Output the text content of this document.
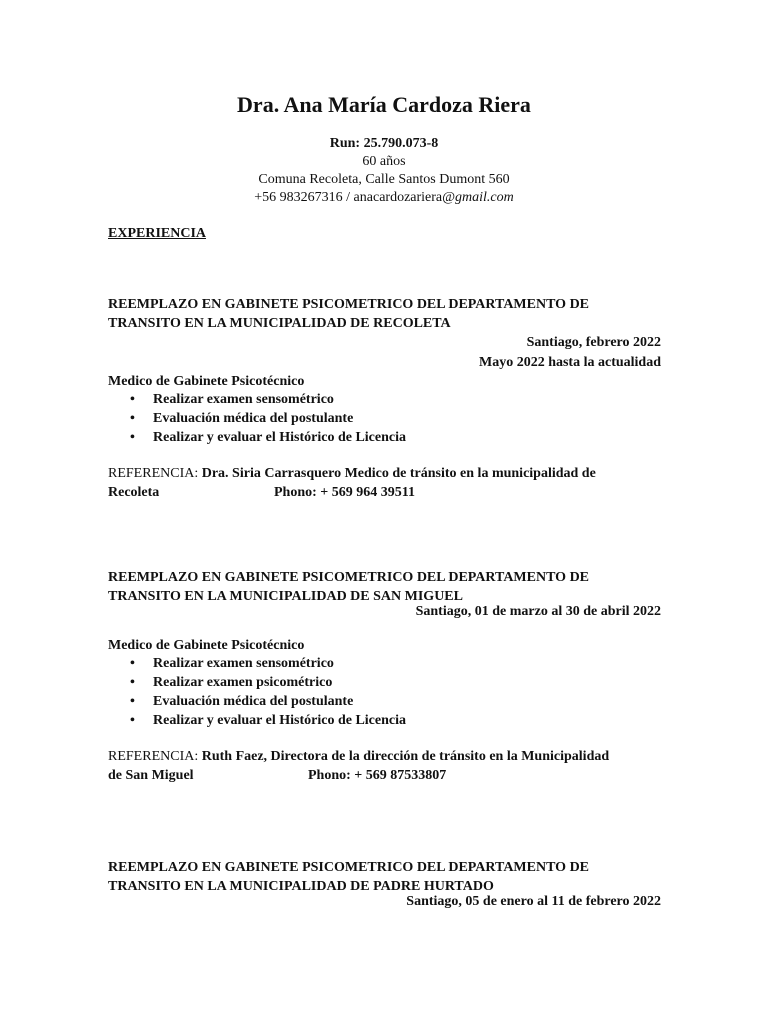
Dra. Ana María Cardoza Riera
Run: 25.790.073-8
60 años
Comuna Recoleta, Calle Santos Dumont 560
+56 983267316 / anacardozariera@gmail.com
EXPERIENCIA
REEMPLAZO EN GABINETE PSICOMETRICO DEL DEPARTAMENTO DE
TRANSITO EN LA MUNICIPALIDAD DE RECOLETA
Santiago, febrero 2022
Mayo 2022 hasta la actualidad
Medico de Gabinete Psicotécnico
• Realizar examen sensométrico
• Evaluación médica del postulante
• Realizar y evaluar el Histórico de Licencia
REFERENCIA: Dra. Siria Carrasquero Medico de tránsito en la municipalidad de
Recoleta	Phono: + 569 964 39511
REEMPLAZO EN GABINETE PSICOMETRICO DEL DEPARTAMENTO DE
TRANSITO EN LA MUNICIPALIDAD DE SAN MIGUEL
Santiago, 01 de marzo al 30 de abril 2022
Medico de Gabinete Psicotécnico
• Realizar examen sensométrico
• Realizar examen psicométrico
• Evaluación médica del postulante
• Realizar y evaluar el Histórico de Licencia
REFERENCIA: Ruth Faez, Directora de la dirección de tránsito en la Municipalidad
de San Miguel	Phono: + 569 87533807
REEMPLAZO EN GABINETE PSICOMETRICO DEL DEPARTAMENTO DE
TRANSITO EN LA MUNICIPALIDAD DE PADRE HURTADO
Santiago, 05 de enero al 11 de febrero 2022
